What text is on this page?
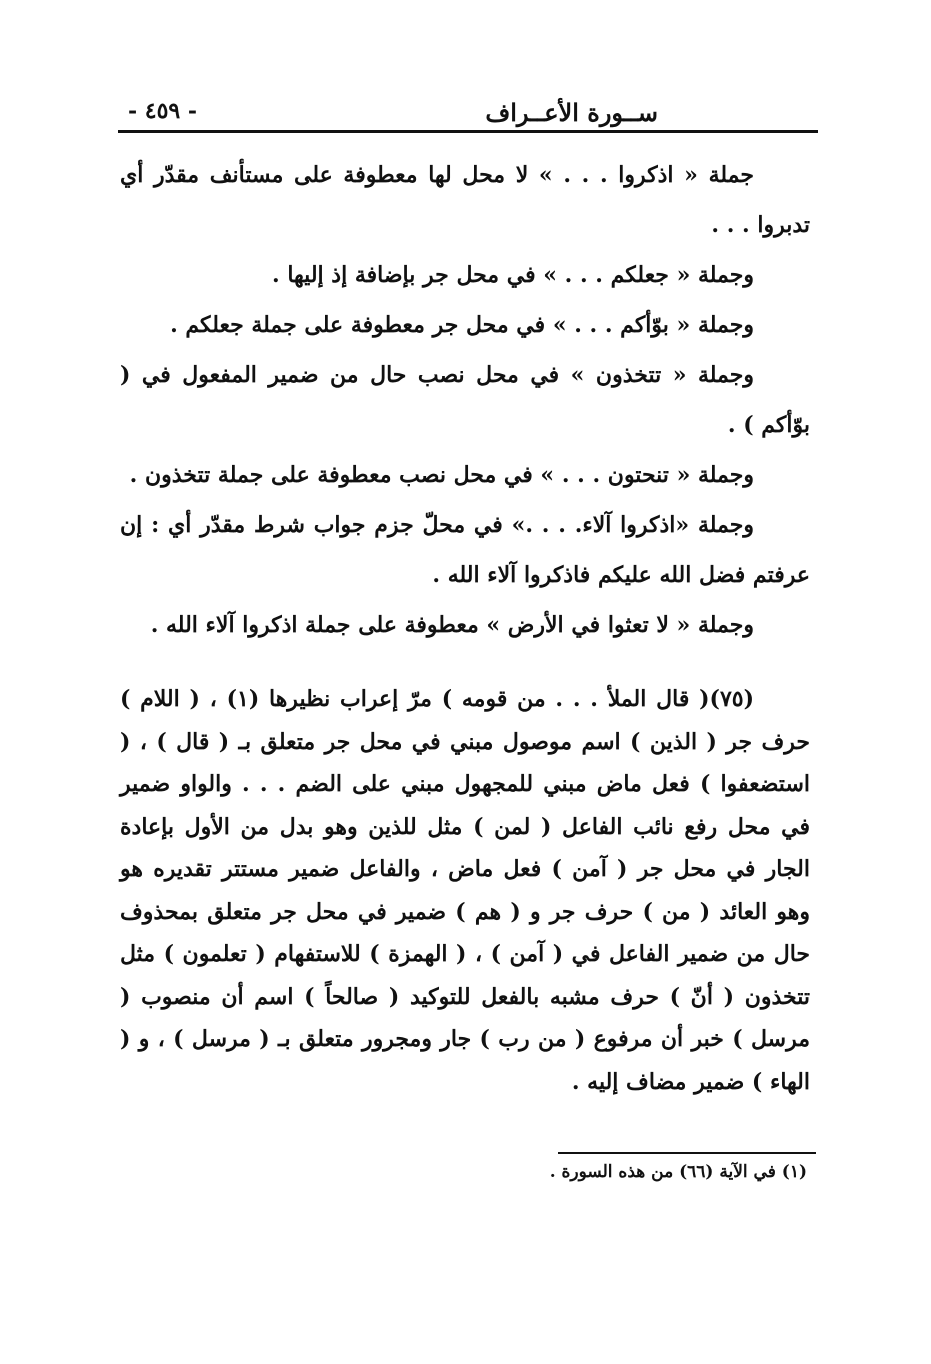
ســورة الأعــراف
- ٤٥٩ -

جملة « اذكروا . . . » لا محل لها معطوفة على مستأنف مقدّر أي تدبروا . . .

وجملة « جعلكم . . . » في محل جر بإضافة إذ إليها .

وجملة « بوّأكم . . . » في محل جر معطوفة على جملة جعلكم .

وجملة « تتخذون » في محل نصب حال من ضمير المفعول في ( بوّأكم ) .

وجملة « تنحتون . . . » في محل نصب معطوفة على جملة تتخذون .

وجملة «اذكروا آلاء. . . .» في محلّ جزم جواب شرط مقدّر أي : إن عرفتم فضل الله عليكم فاذكروا آلاء الله .

وجملة « لا تعثوا في الأرض » معطوفة على جملة اذكروا آلاء الله .

(٧٥)( قال الملأ . . . من قومه ) مرّ إعراب نظيرها (١) ، ( اللام ) حرف جر ( الذين ) اسم موصول مبني في محل جر متعلق بـ ( قال ) ، ( استضعفوا ) فعل ماض مبني للمجهول مبني على الضم . . . والواو ضمير في محل رفع نائب الفاعل ( لمن ) مثل للذين وهو بدل من الأول بإعادة الجار في محل جر ( آمن ) فعل ماض ، والفاعل ضمير مستتر تقديره هو وهو العائد ( من ) حرف جر و ( هم ) ضمير في محل جر متعلق بمحذوف حال من ضمير الفاعل في ( آمن ) ، ( الهمزة ) للاستفهام ( تعلمون ) مثل تتخذون ( أنّ ) حرف مشبه بالفعل للتوكيد ( صالحاً ) اسم أن منصوب ( مرسل ) خبر أن مرفوع ( من رب ) جار ومجرور متعلق بـ ( مرسل ) ، و ( الهاء ) ضمير مضاف إليه .

(١) في الآية (٦٦) من هذه السورة .
